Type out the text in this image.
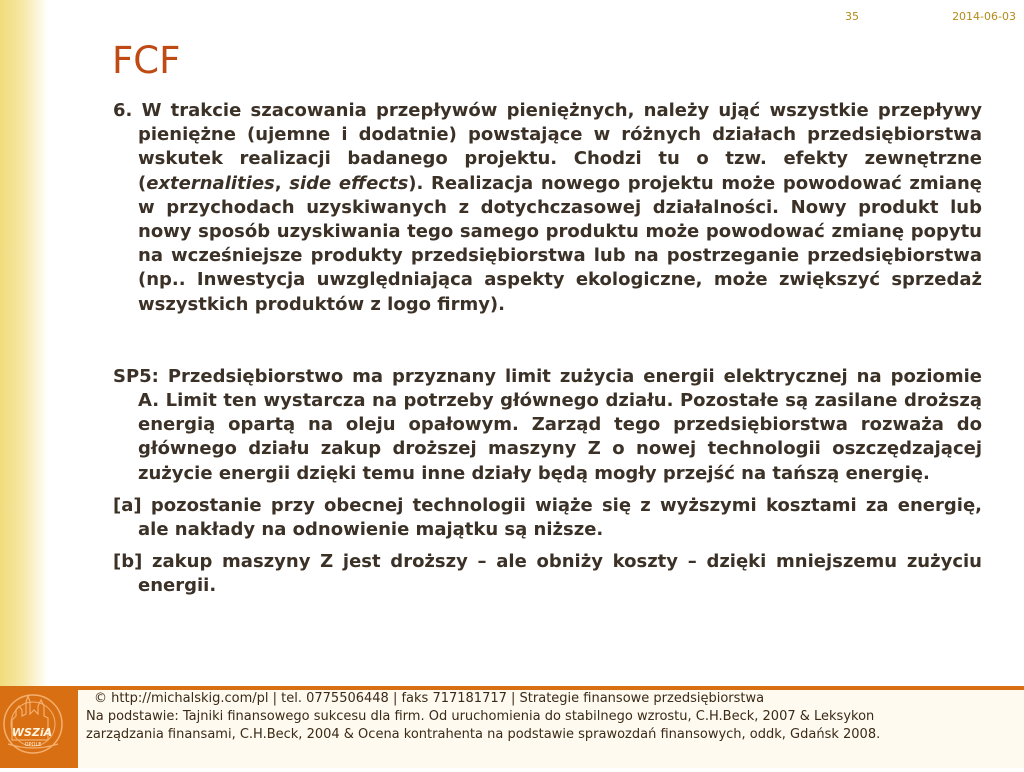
35	2014-06-03
FCF

6. W trakcie szacowania przepływów pieniężnych, należy ująć wszystkie przepływy pieniężne (ujemne i dodatnie) powstające w różnych działach przedsiębiorstwa wskutek realizacji badanego projektu. Chodzi tu o tzw. efekty zewnętrzne (externalities, side effects). Realizacja nowego projektu może powodować zmianę w przychodach uzyskiwanych z dotychczasowej działalności. Nowy produkt lub nowy sposób uzyskiwania tego samego produktu może powodować zmianę popytu na wcześniejsze produkty przedsiębiorstwa lub na postrzeganie przedsiębiorstwa (np.. Inwestycja uwzględniająca aspekty ekologiczne, może zwiększyć sprzedaż wszystkich produktów z logo firmy).

SP5: Przedsiębiorstwo ma przyznany limit zużycia energii elektrycznej na poziomie A. Limit ten wystarcza na potrzeby głównego działu. Pozostałe są zasilane droższą energią opartą na oleju opałowym. Zarząd tego przedsiębiorstwa rozważa do głównego działu zakup droższej maszyny Z o nowej technologii oszczędzającej zużycie energii dzięki temu inne działy będą mogły przejść na tańszą energię.

[a] pozostanie przy obecnej technologii wiąże się z wyższymi kosztami za energię, ale nakłady na odnowienie majątku są niższe.

[b] zakup maszyny Z jest droższy – ale obniży koszty – dzięki mniejszemu zużyciu energii.

WSZiA
OPOLE
© http://michalskig.com/pl | tel. 0775506448 | faks 717181717 | Strategie finansowe przedsiębiorstwa
Na podstawie: Tajniki finansowego sukcesu dla firm. Od uruchomienia do stabilnego wzrostu, C.H.Beck, 2007 & Leksykon
zarządzania finansami, C.H.Beck, 2004 & Ocena kontrahenta na podstawie sprawozdań finansowych, oddk, Gdańsk 2008.
